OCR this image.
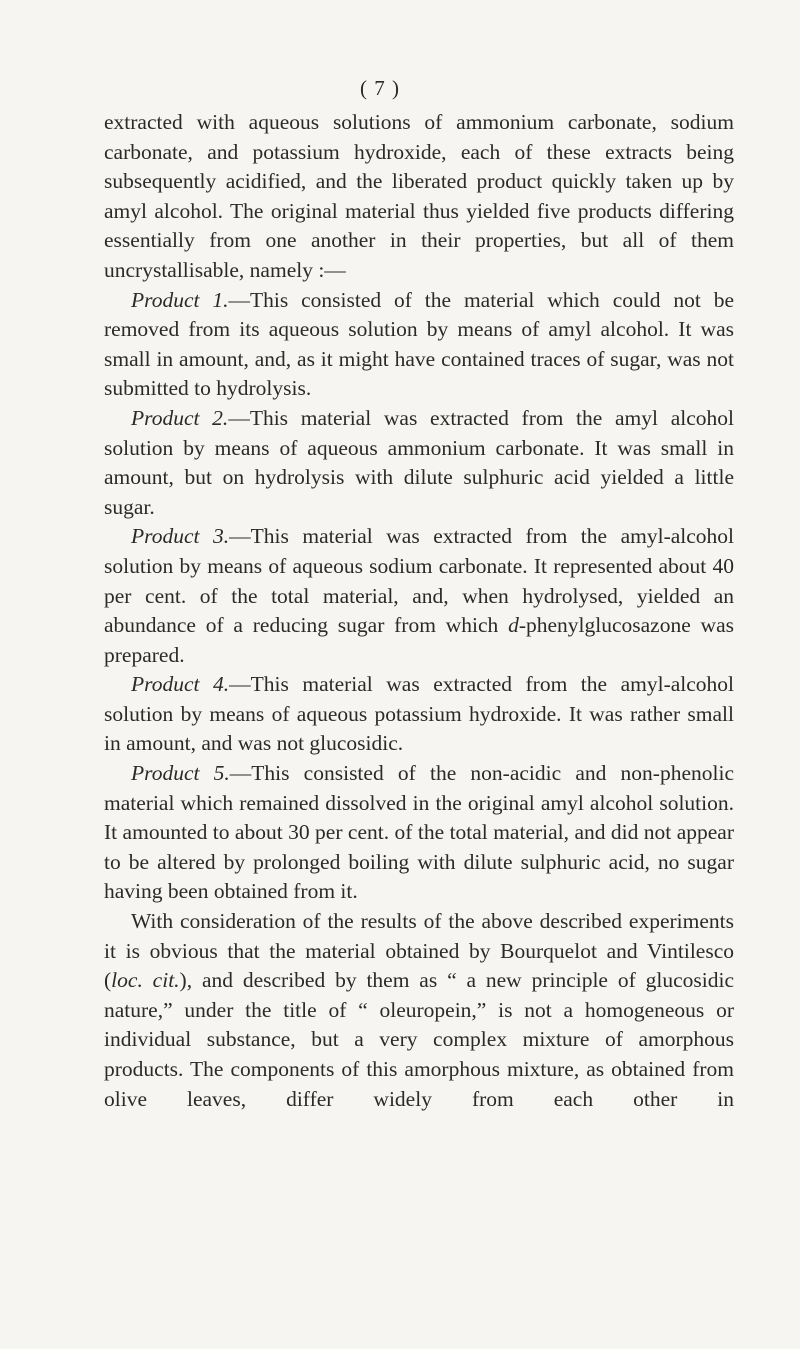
( 7 )

extracted with aqueous solutions of ammonium carbonate, sodium carbonate, and potassium hydroxide, each of these extracts being subsequently acidified, and the liberated product quickly taken up by amyl alcohol. The original material thus yielded five products differing essentially from one another in their properties, but all of them uncrystallisable, namely :—

Product 1.—This consisted of the material which could not be removed from its aqueous solution by means of amyl alcohol. It was small in amount, and, as it might have contained traces of sugar, was not submitted to hydrolysis.

Product 2.—This material was extracted from the amyl alcohol solution by means of aqueous ammonium carbonate. It was small in amount, but on hydrolysis with dilute sulphuric acid yielded a little sugar.

Product 3.—This material was extracted from the amyl-alcohol solution by means of aqueous sodium carbonate. It represented about 40 per cent. of the total material, and, when hydrolysed, yielded an abundance of a reducing sugar from which d-phenylglucosazone was prepared.

Product 4.—This material was extracted from the amyl-alcohol solution by means of aqueous potassium hydroxide. It was rather small in amount, and was not glucosidic.

Product 5.—This consisted of the non-acidic and non-phenolic material which remained dissolved in the original amyl alcohol solution. It amounted to about 30 per cent. of the total material, and did not appear to be altered by prolonged boiling with dilute sulphuric acid, no sugar having been obtained from it.

With consideration of the results of the above described experiments it is obvious that the material obtained by Bourquelot and Vintilesco (loc. cit.), and described by them as “ a new principle of glucosidic nature,” under the title of “ oleuropein,” is not a homogeneous or individual substance, but a very complex mixture of amorphous products. The components of this amorphous mixture, as obtained from olive leaves, differ widely from each other in
